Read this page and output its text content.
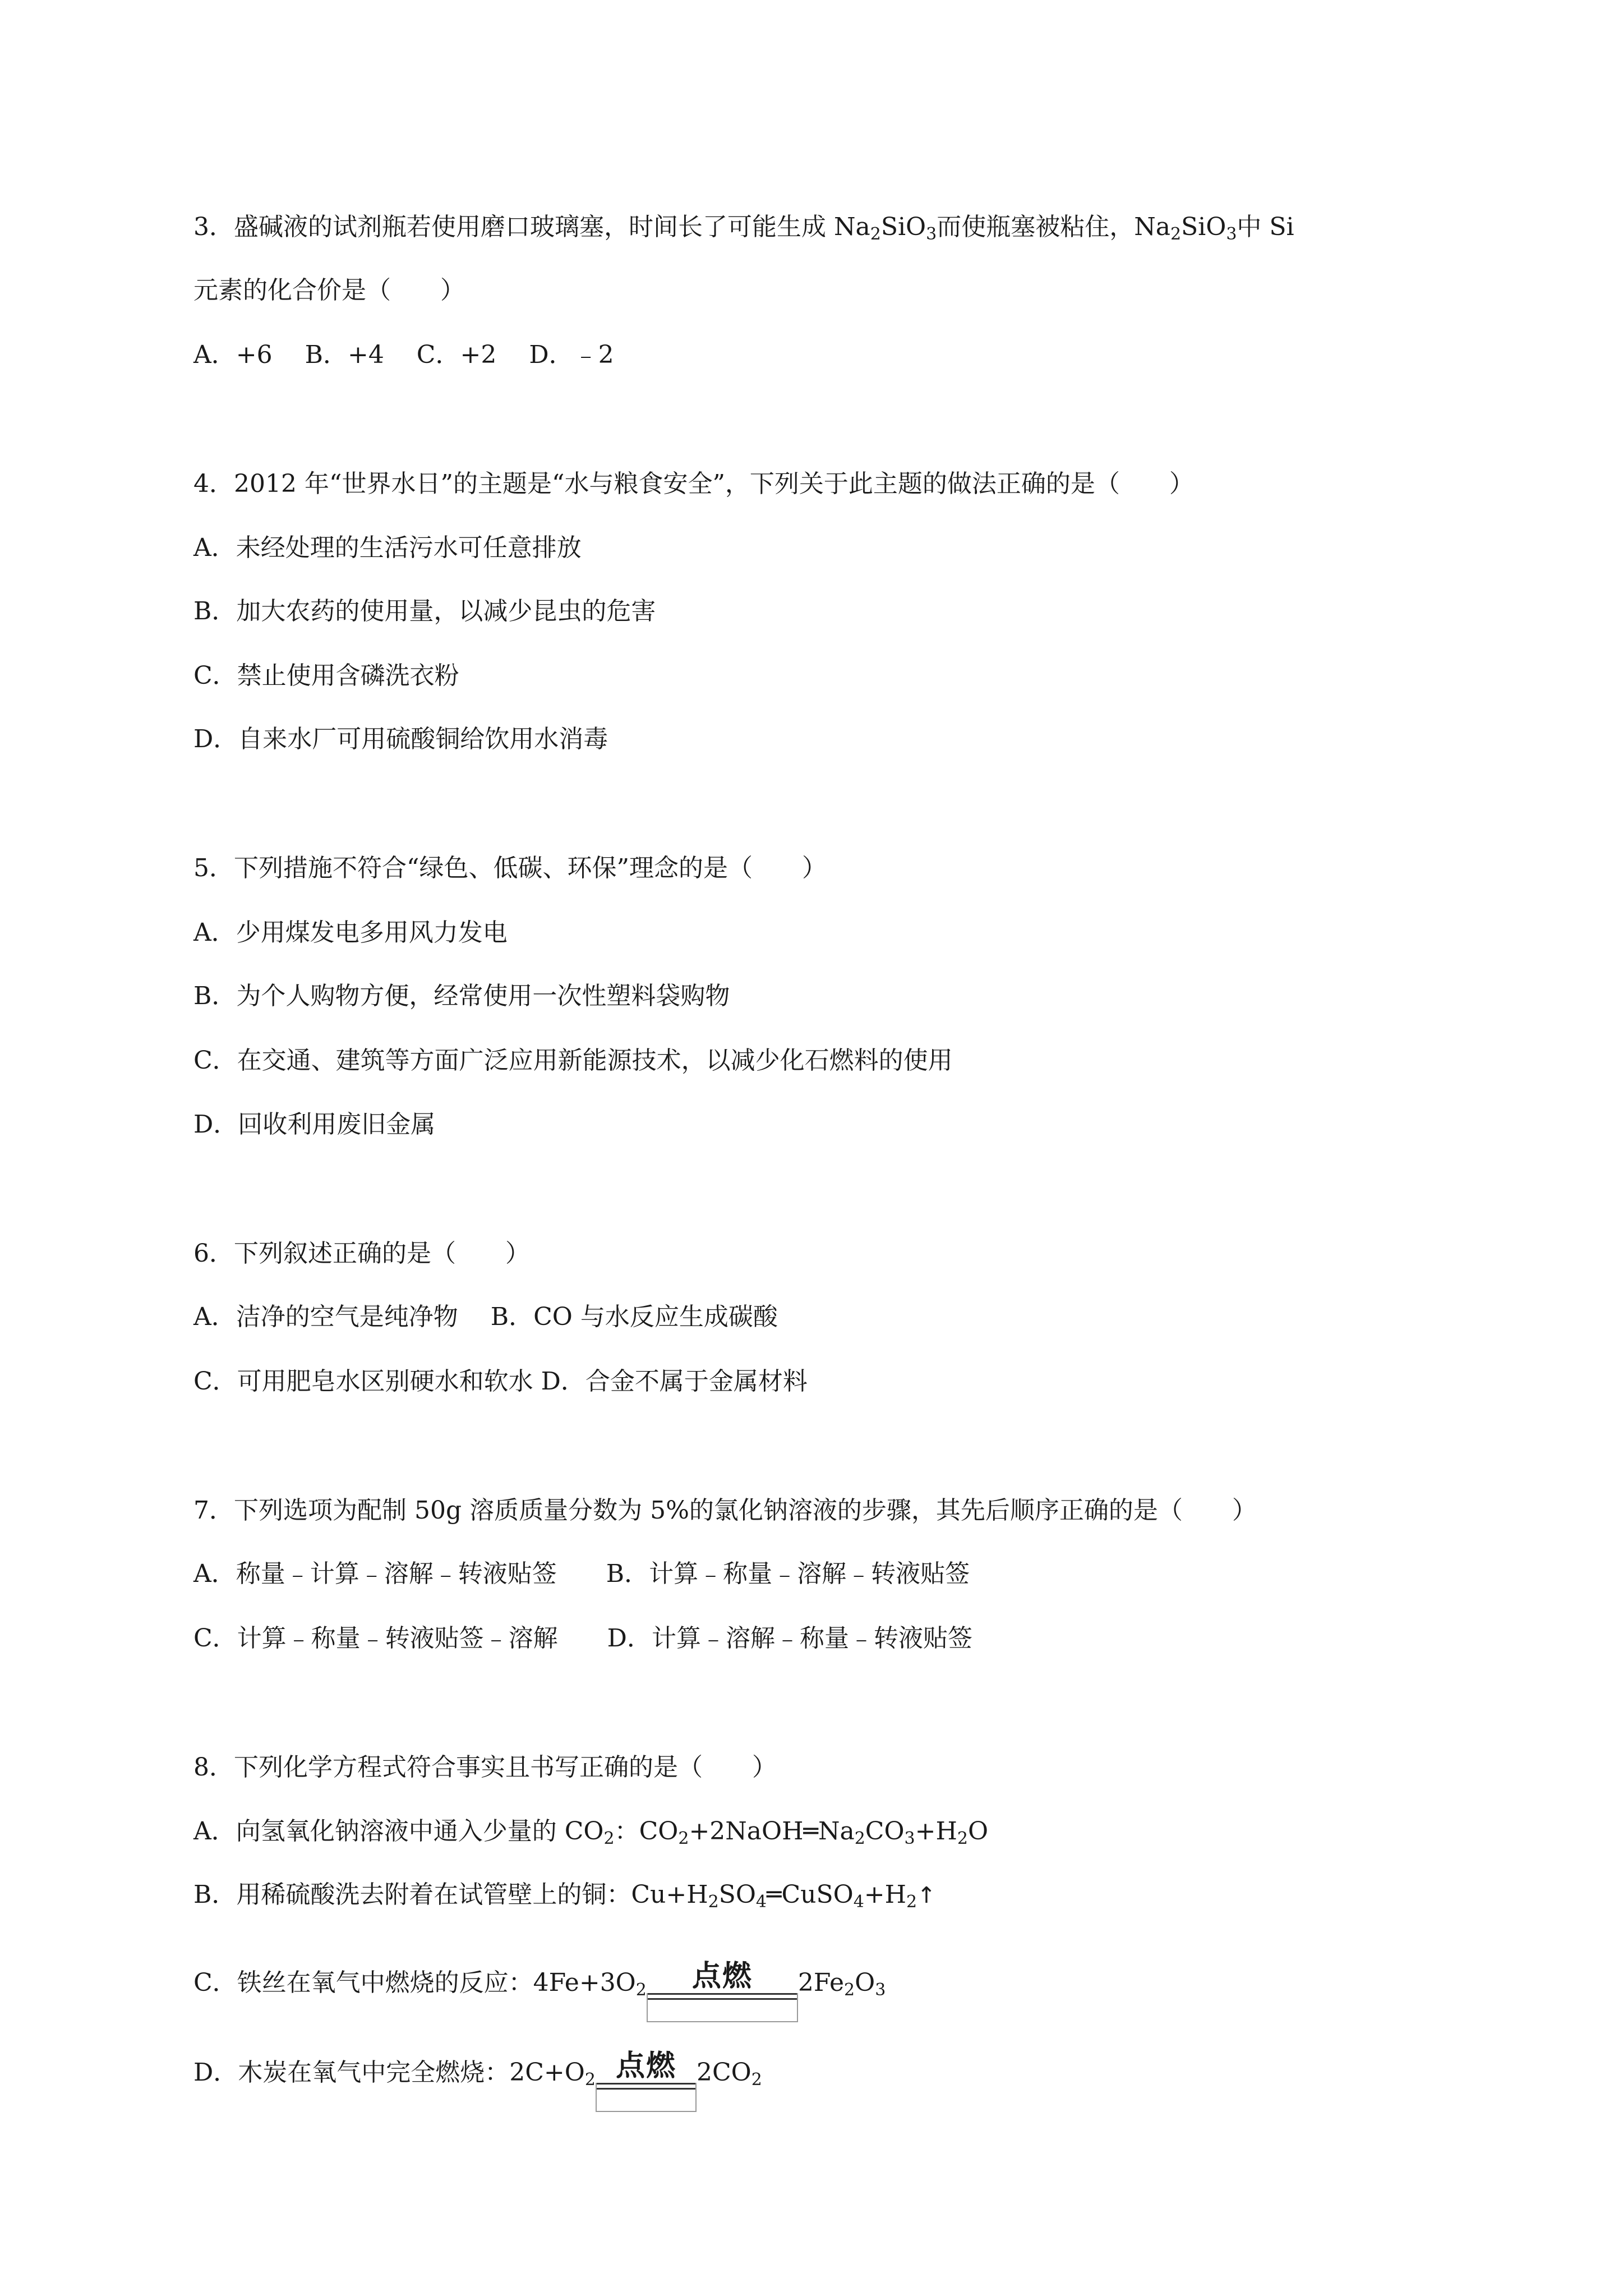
3．盛碱液的试剂瓶若使用磨口玻璃塞，时间长了可能生成 $Na_2SiO_3$而使瓶塞被粘住，$Na_2SiO_3$中 Si
元素的化合价是（　　）
A．+6　 B．+4　 C．+2　 D．﹣2
4．2012 年“世界水日”的主题是“水与粮食安全”，下列关于此主题的做法正确的是（　　）
A．未经处理的生活污水可任意排放
B．加大农药的使用量，以减少昆虫的危害
C．禁止使用含磷洗衣粉
D．自来水厂可用硫酸铜给饮用水消毒
5．下列措施不符合“绿色、低碳、环保”理念的是（　　）
A．少用煤发电多用风力发电
B．为个人购物方便，经常使用一次性塑料袋购物
C．在交通、建筑等方面广泛应用新能源技术，以减少化石燃料的使用
D．回收利用废旧金属
6．下列叙述正确的是（　　）
A．洁净的空气是纯净物　 B．CO 与水反应生成碳酸
C．可用肥皂水区别硬水和软水 D．合金不属于金属材料
7．下列选项为配制 50g 溶质质量分数为 5%的氯化钠溶液的步骤，其先后顺序正确的是（　　）
A．称量﹣计算﹣溶解﹣转液贴签　　B．计算﹣称量﹣溶解﹣转液贴签
C．计算﹣称量﹣转液贴签﹣溶解　　D．计算﹣溶解﹣称量﹣转液贴签
8．下列化学方程式符合事实且书写正确的是（　　）
A．向氢氧化钠溶液中通入少量的 $CO_2$：$CO_2+2NaOH═Na_2CO_3+H_2O$
B．用稀硫酸洗去附着在试管壁上的铜：$Cu+H_2SO_4═CuSO_4+H_2↑$
C．铁丝在氧气中燃烧的反应：$4Fe+3O_2$	点燃	$2Fe_2O_3$
D．木炭在氧气中完全燃烧：$2C+O_2$ 点燃 $2CO_2$
